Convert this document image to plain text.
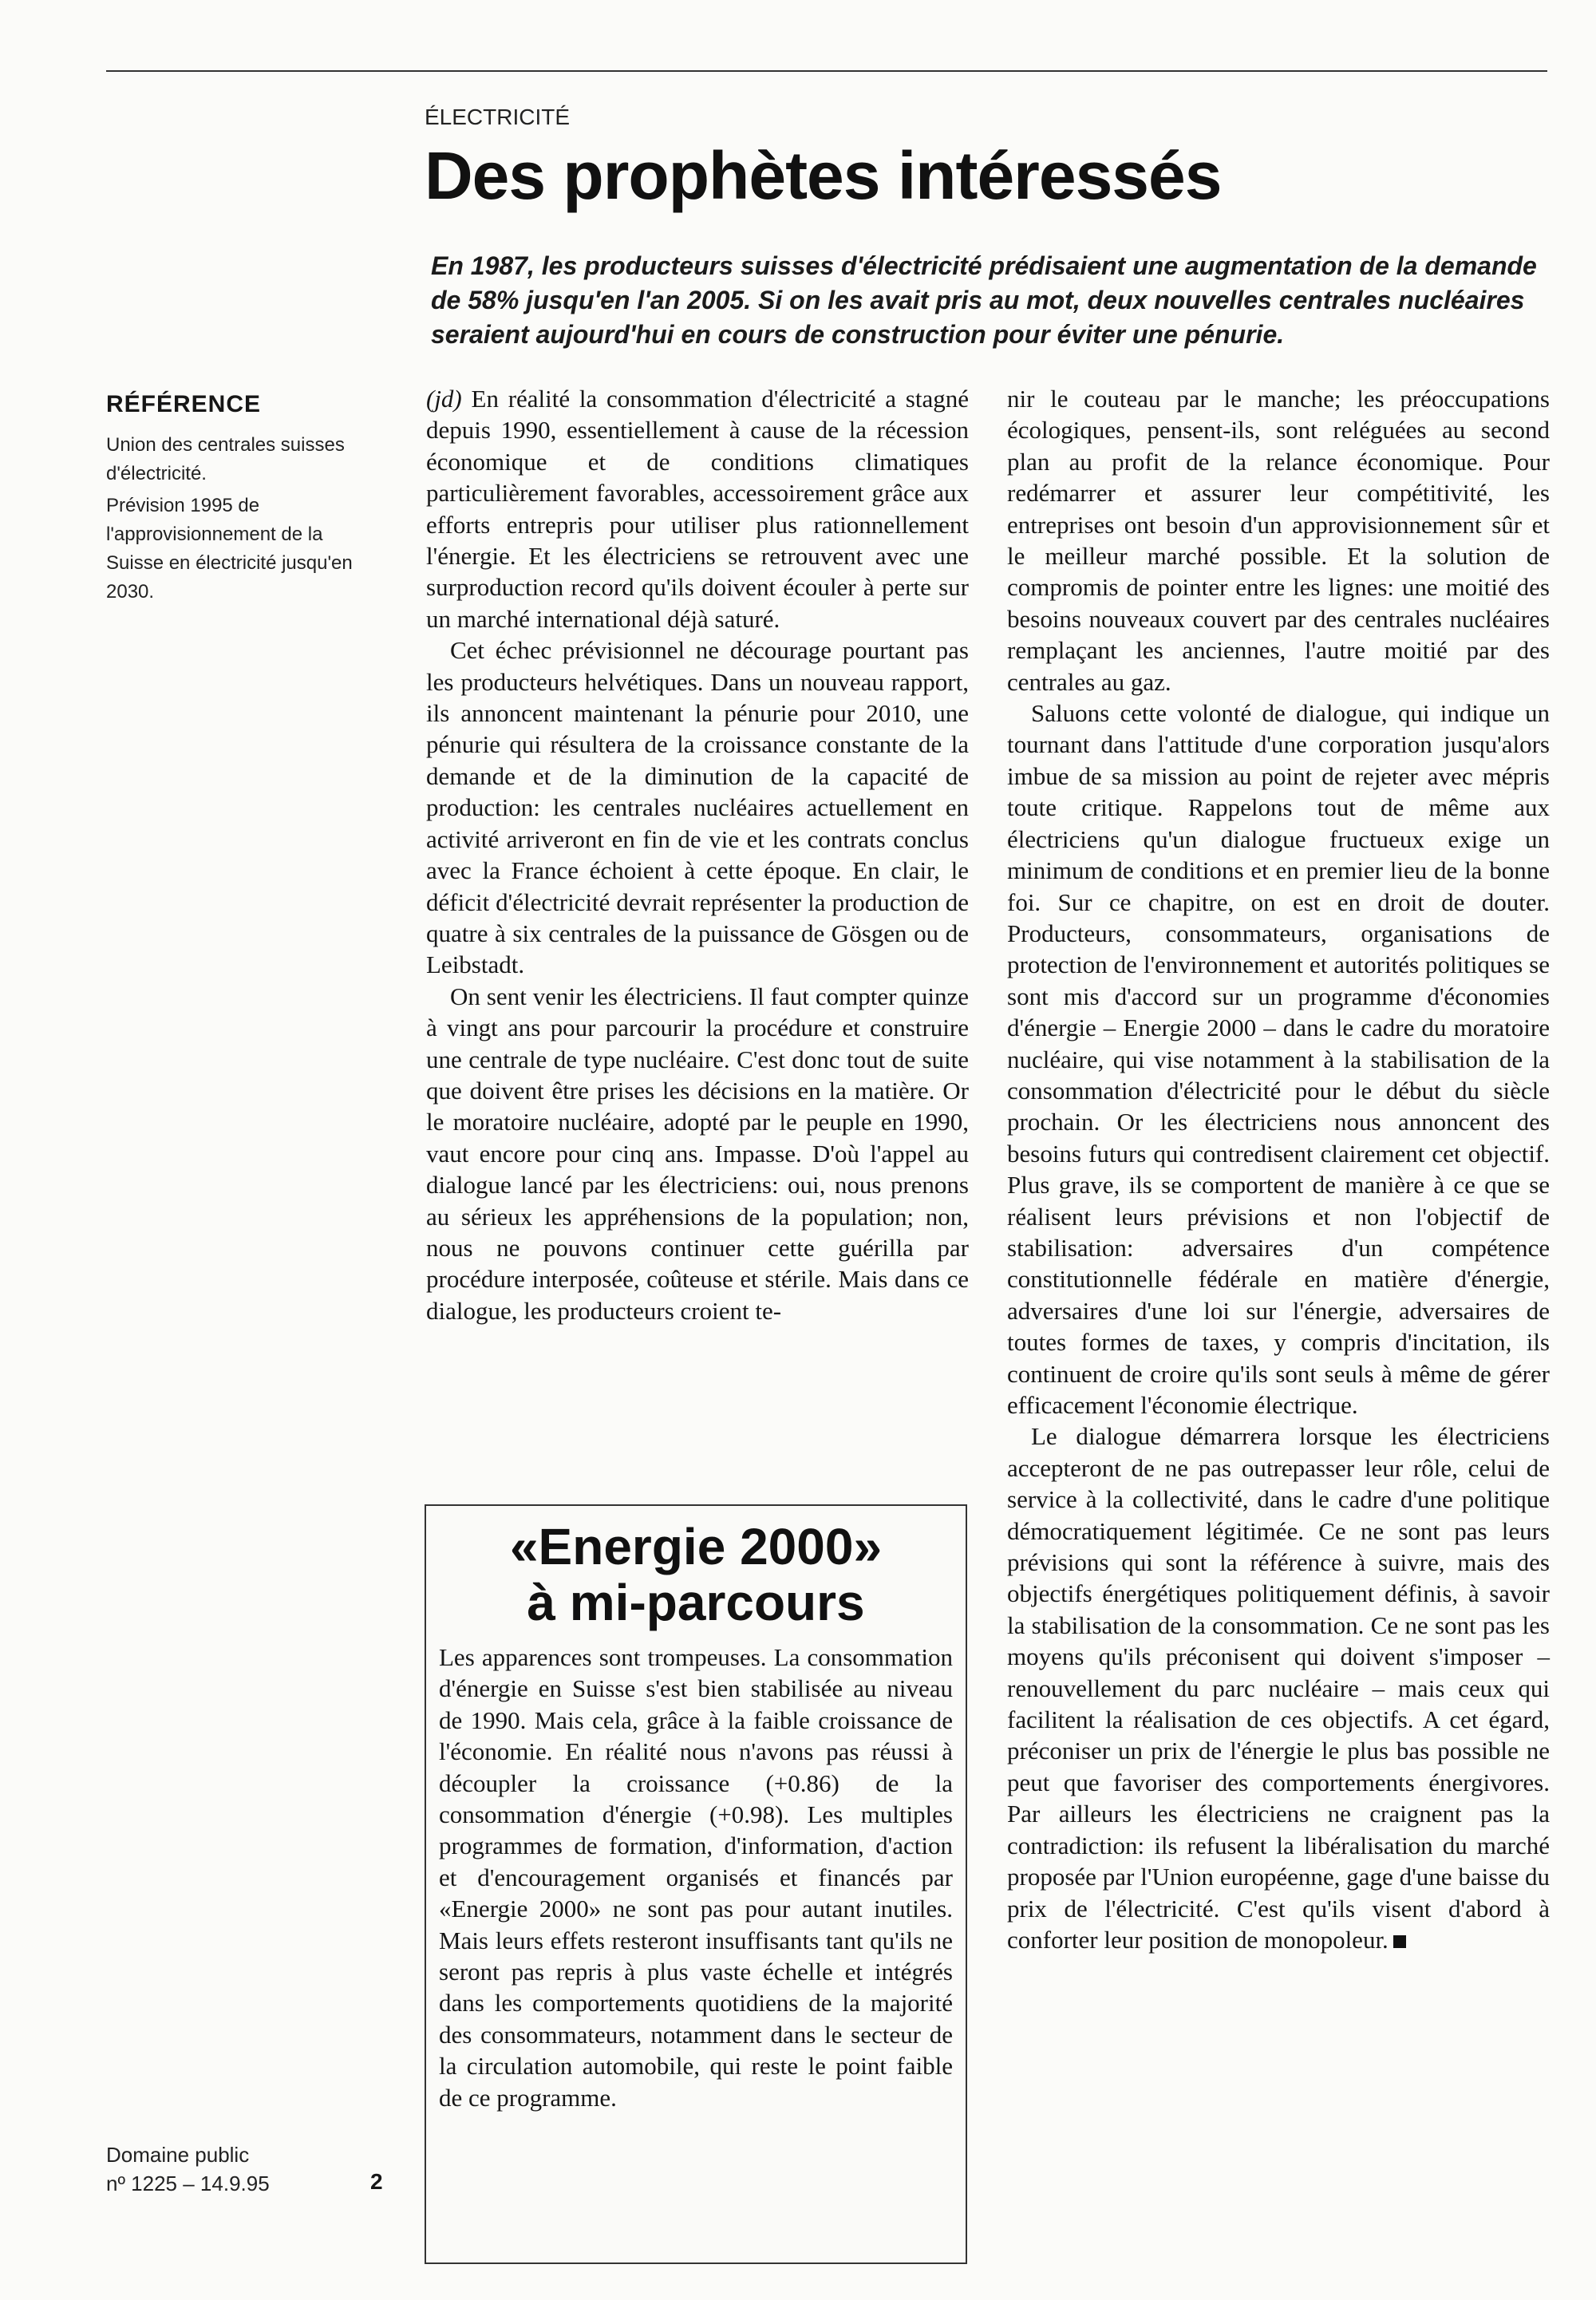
ÉLECTRICITÉ
Des prophètes intéressés

En 1987, les producteurs suisses d'électricité prédisaient une augmentation de la demande de 58% jusqu'en l'an 2005. Si on les avait pris au mot, deux nouvelles centrales nucléaires seraient aujourd'hui en cours de construction pour éviter une pénurie.

RÉFÉRENCE

Union des centrales suisses d'électricité.

Prévision 1995 de l'approvisionnement de la Suisse en électricité jusqu'en 2030.

(jd) En réalité la consommation d'électricité a stagné depuis 1990, essentiellement à cause de la récession économique et de conditions climatiques particulièrement favorables, accessoirement grâce aux efforts entrepris pour utiliser plus rationnellement l'énergie. Et les électriciens se retrouvent avec une surproduction record qu'ils doivent écouler à perte sur un marché international déjà saturé.

Cet échec prévisionnel ne décourage pourtant pas les producteurs helvétiques. Dans un nouveau rapport, ils annoncent maintenant la pénurie pour 2010, une pénurie qui résultera de la croissance constante de la demande et de la diminution de la capacité de production: les centrales nucléaires actuellement en activité arriveront en fin de vie et les contrats conclus avec la France échoient à cette époque. En clair, le déficit d'électricité devrait représenter la production de quatre à six centrales de la puissance de Gösgen ou de Leibstadt.

On sent venir les électriciens. Il faut compter quinze à vingt ans pour parcourir la procédure et construire une centrale de type nucléaire. C'est donc tout de suite que doivent être prises les décisions en la matière. Or le moratoire nucléaire, adopté par le peuple en 1990, vaut encore pour cinq ans. Impasse. D'où l'appel au dialogue lancé par les électriciens: oui, nous prenons au sérieux les appréhensions de la population; non, nous ne pouvons continuer cette guérilla par procédure interposée, coûteuse et stérile. Mais dans ce dialogue, les producteurs croient te-

nir le couteau par le manche; les préoccupations écologiques, pensent-ils, sont reléguées au second plan au profit de la relance économique. Pour redémarrer et assurer leur compétitivité, les entreprises ont besoin d'un approvisionnement sûr et le meilleur marché possible. Et la solution de compromis de pointer entre les lignes: une moitié des besoins nouveaux couvert par des centrales nucléaires remplaçant les anciennes, l'autre moitié par des centrales au gaz.

Saluons cette volonté de dialogue, qui indique un tournant dans l'attitude d'une corporation jusqu'alors imbue de sa mission au point de rejeter avec mépris toute critique. Rappelons tout de même aux électriciens qu'un dialogue fructueux exige un minimum de conditions et en premier lieu de la bonne foi. Sur ce chapitre, on est en droit de douter. Producteurs, consommateurs, organisations de protection de l'environnement et autorités politiques se sont mis d'accord sur un programme d'économies d'énergie – Energie 2000 – dans le cadre du moratoire nucléaire, qui vise notamment à la stabilisation de la consommation d'électricité pour le début du siècle prochain. Or les électriciens nous annoncent des besoins futurs qui contredisent clairement cet objectif. Plus grave, ils se comportent de manière à ce que se réalisent leurs prévisions et non l'objectif de stabilisation: adversaires d'un compétence constitutionnelle fédérale en matière d'énergie, adversaires d'une loi sur l'énergie, adversaires de toutes formes de taxes, y compris d'incitation, ils continuent de croire qu'ils sont seuls à même de gérer efficacement l'économie électrique.

Le dialogue démarrera lorsque les électriciens accepteront de ne pas outrepasser leur rôle, celui de service à la collectivité, dans le cadre d'une politique démocratiquement légitimée. Ce ne sont pas leurs prévisions qui sont la référence à suivre, mais des objectifs énergétiques politiquement définis, à savoir la stabilisation de la consommation. Ce ne sont pas les moyens qu'ils préconisent qui doivent s'imposer – renouvellement du parc nucléaire – mais ceux qui facilitent la réalisation de ces objectifs. A cet égard, préconiser un prix de l'énergie le plus bas possible ne peut que favoriser des comportements énergivores. Par ailleurs les électriciens ne craignent pas la contradiction: ils refusent la libéralisation du marché proposée par l'Union européenne, gage d'une baisse du prix de l'électricité. C'est qu'ils visent d'abord à conforter leur position de monopoleur.

«Energie 2000»
à mi-parcours

Les apparences sont trompeuses. La consommation d'énergie en Suisse s'est bien stabilisée au niveau de 1990. Mais cela, grâce à la faible croissance de l'économie. En réalité nous n'avons pas réussi à découpler la croissance (+0.86) de la consommation d'énergie (+0.98). Les multiples programmes de formation, d'information, d'action et d'encouragement organisés et financés par «Energie 2000» ne sont pas pour autant inutiles. Mais leurs effets resteront insuffisants tant qu'ils ne seront pas repris à plus vaste échelle et intégrés dans les comportements quotidiens de la majorité des consommateurs, notamment dans le secteur de la circulation automobile, qui reste le point faible de ce programme.

Domaine public
nº 1225 – 14.9.95	2
